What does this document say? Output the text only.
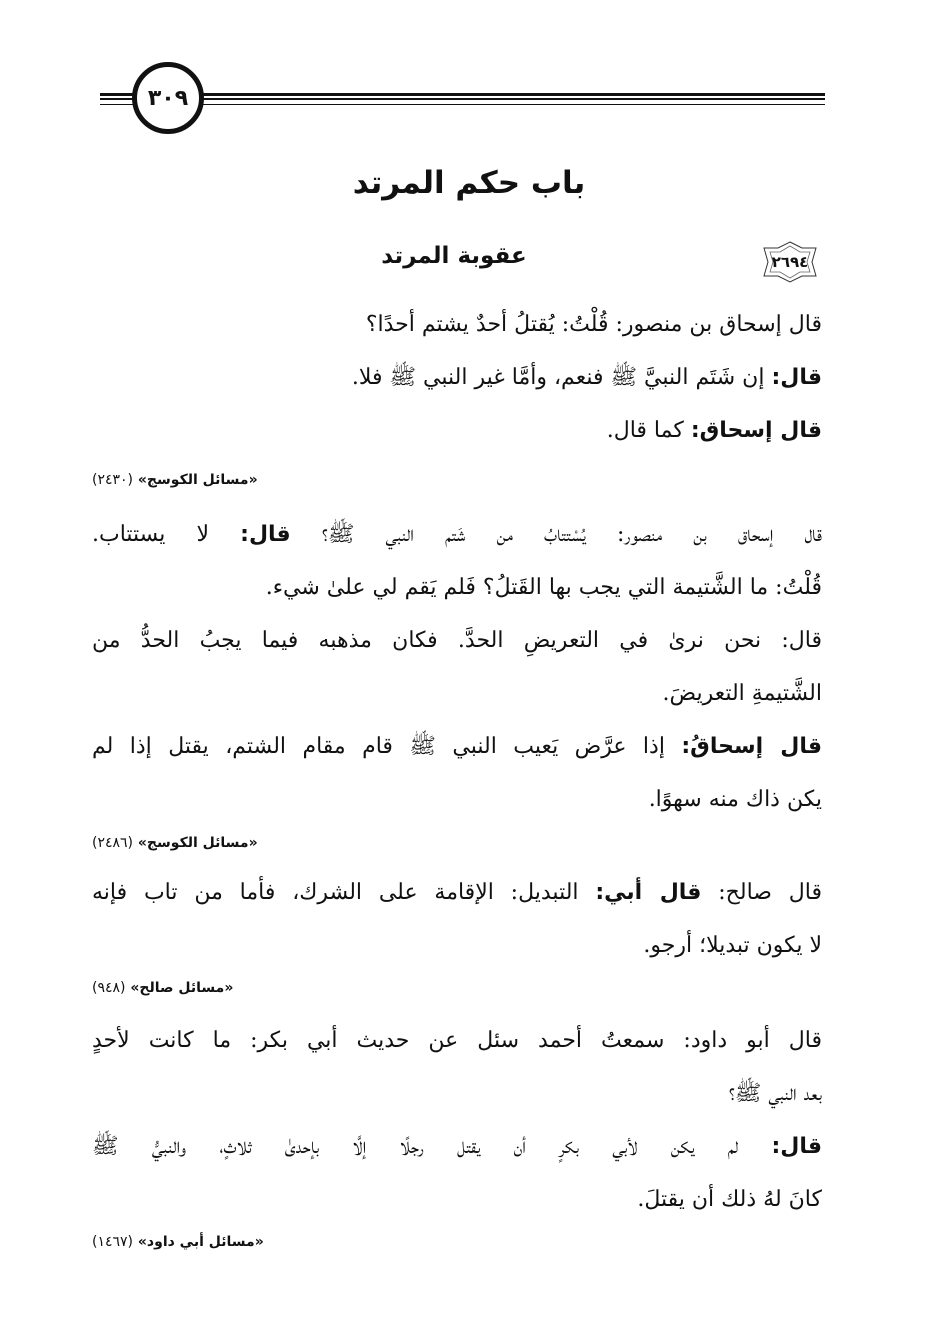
٣٠٩
باب حكم المرتد
٢٦٩٤
عقوبة المرتد
قال إسحاق بن منصور: قُلْتُ: يُقتلُ أحدٌ يشتم أحدًا؟
قال: إن شَتَم النبيَّ ﷺ فنعم، وأمَّا غير النبي ﷺ فلا.
قال إسحاق: كما قال.
«مسائل الكوسج» (٢٤٣٠)
قال إسحاق بن منصور: يُسْتتابُ من شَتم النبي ﷺ؟ قال: لا يستتاب.
قُلْتُ: ما الشَّتيمة التي يجب بها القَتلُ؟ فَلم يَقم لي علىٰ شيء.
قال: نحن نرىٰ في التعريضِ الحدَّ. فكان مذهبه فيما يجبُ الحدُّ من
الشَّتيمةِ التعريضَ.
قال إسحاقُ: إذا عرَّض يَعيب النبي ﷺ قام مقام الشتم، يقتل إذا لم
يكن ذاك منه سهوًا.
«مسائل الكوسج» (٢٤٨٦)
قال صالح: قال أبي: التبديل: الإقامة على الشرك، فأما من تاب فإنه
لا يكون تبديلا؛ أرجو.
«مسائل صالح» (٩٤٨)
قال أبو داود: سمعتُ أحمد سئل عن حديث أبي بكر: ما كانت لأحدٍ
بعد النبي ﷺ؟
قال: لم يكن لأبي بكرٍ أن يقتل رجلًا إلَّا بإحدىٰ ثلاثٍ، والنبيُّ ﷺ
كانَ لهُ ذلك أن يقتلَ.
«مسائل أبي داود» (١٤٦٧)
